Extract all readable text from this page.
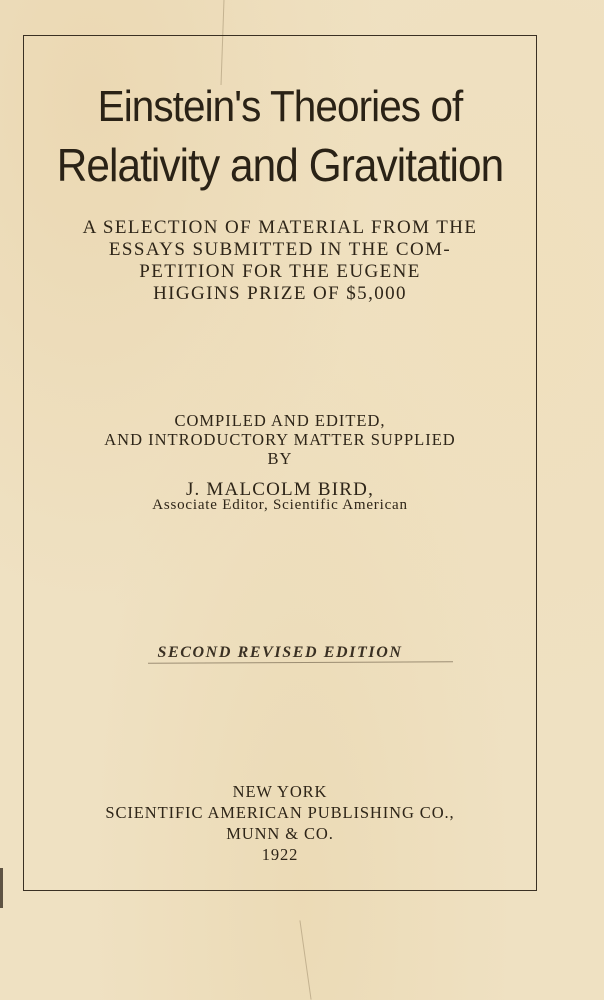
Einstein's Theories of
Relativity and Gravitation
A SELECTION OF MATERIAL FROM THE
ESSAYS SUBMITTED IN THE COM-
PETITION FOR THE EUGENE
HIGGINS PRIZE OF $5,000
COMPILED AND EDITED,
AND INTRODUCTORY MATTER SUPPLIED
BY
J. MALCOLM BIRD,
Associate Editor, Scientific American
SECOND REVISED EDITION
NEW YORK
SCIENTIFIC AMERICAN PUBLISHING CO.,
MUNN & CO.
1922
